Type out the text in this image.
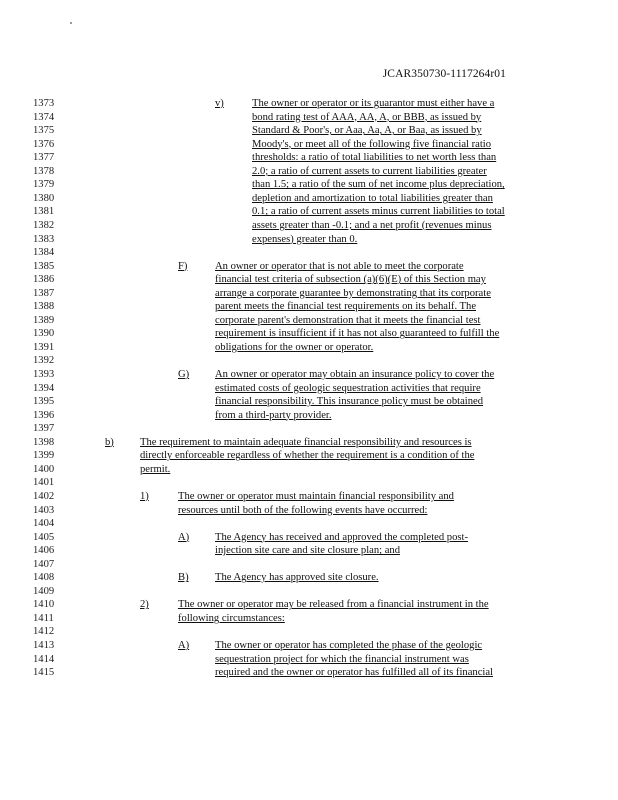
JCAR350730-1117264r01
1373	v)	The owner or operator or its guarantor must either have a
1374	bond rating test of AAA, AA, A, or BBB, as issued by
1375	Standard & Poor's, or Aaa, Aa, A, or Baa, as issued by
1376	Moody's, or meet all of the following five financial ratio
1377	thresholds: a ratio of total liabilities to net worth less than
1378	2.0; a ratio of current assets to current liabilities greater
1379	than 1.5; a ratio of the sum of net income plus depreciation,
1380	depletion and amortization to total liabilities greater than
1381	0.1; a ratio of current assets minus current liabilities to total
1382	assets greater than -0.1; and a net profit (revenues minus
1383	expenses) greater than 0.
1384
1385	F)	An owner or operator that is not able to meet the corporate
1386	financial test criteria of subsection (a)(6)(E) of this Section may
1387	arrange a corporate guarantee by demonstrating that its corporate
1388	parent meets the financial test requirements on its behalf. The
1389	corporate parent's demonstration that it meets the financial test
1390	requirement is insufficient if it has not also guaranteed to fulfill the
1391	obligations for the owner or operator.
1392
1393	G) An owner or operator may obtain an insurance policy to cover the
1394	estimated costs of geologic sequestration activities that require
1395	financial responsibility. This insurance policy must be obtained
1396	from a third-party provider.
1397
1398	b) The requirement to maintain adequate financial responsibility and resources is
1399	directly enforceable regardless of whether the requirement is a condition of the
1400	permit.
1401
1402	1)	The owner or operator must maintain financial responsibility and
1403	resources until both of the following events have occurred:
1404
1405	A) The Agency has received and approved the completed post-
1406	injection site care and site closure plan; and
1407
1408	B) The Agency has approved site closure.
1409
1410	2)	The owner or operator may be released from a financial instrument in the
1411	following circumstances:
1412
1413	A) The owner or operator has completed the phase of the geologic
1414	sequestration project for which the financial instrument was
1415	required and the owner or operator has fulfilled all of its financial
